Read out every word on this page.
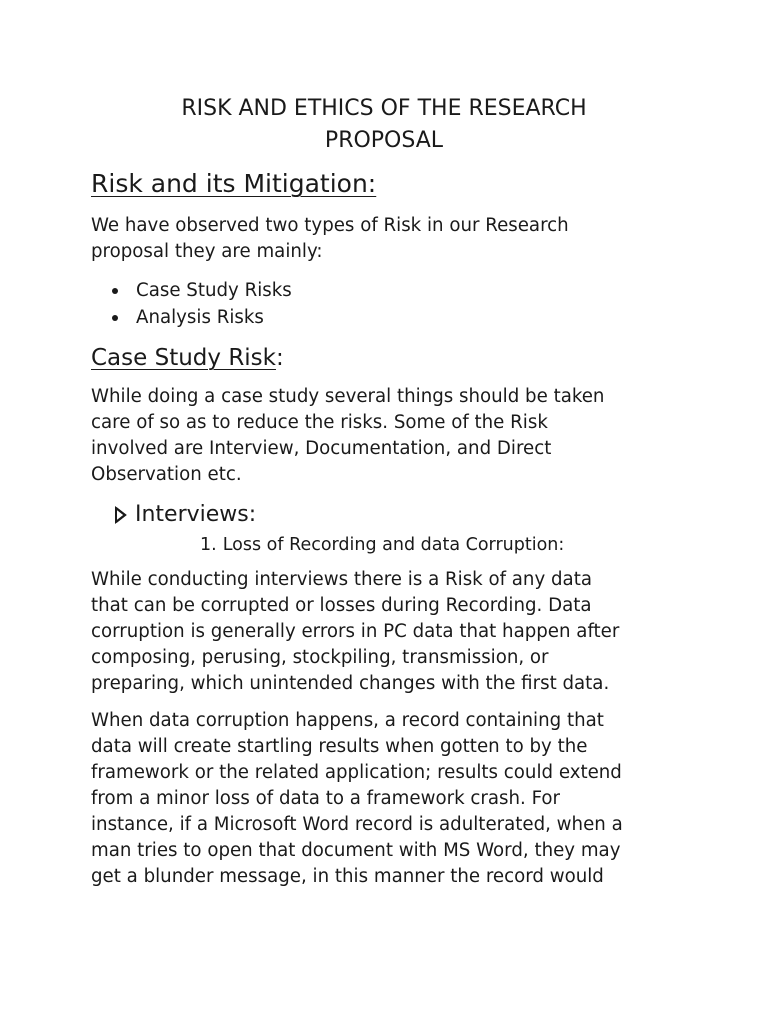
RISK AND ETHICS OF THE RESEARCH
PROPOSAL
Risk and its Mitigation:

We have observed two types of Risk in our Research
proposal they are mainly:

Case Study Risks
Analysis Risks
Case Study Risk:

While doing a case study several things should be taken
care of so as to reduce the risks. Some of the Risk
involved are Interview, Documentation, and Direct
Observation etc.

Interviews:
1. Loss of Recording and data Corruption:

While conducting interviews there is a Risk of any data
that can be corrupted or losses during Recording. Data
corruption is generally errors in PC data that happen after
composing, perusing, stockpiling, transmission, or
preparing, which unintended changes with the first data.

When data corruption happens, a record containing that
data will create startling results when gotten to by the
framework or the related application; results could extend
from a minor loss of data to a framework crash. For
instance, if a Microsoft Word record is adulterated, when a
man tries to open that document with MS Word, they may
get a blunder message, in this manner the record would
